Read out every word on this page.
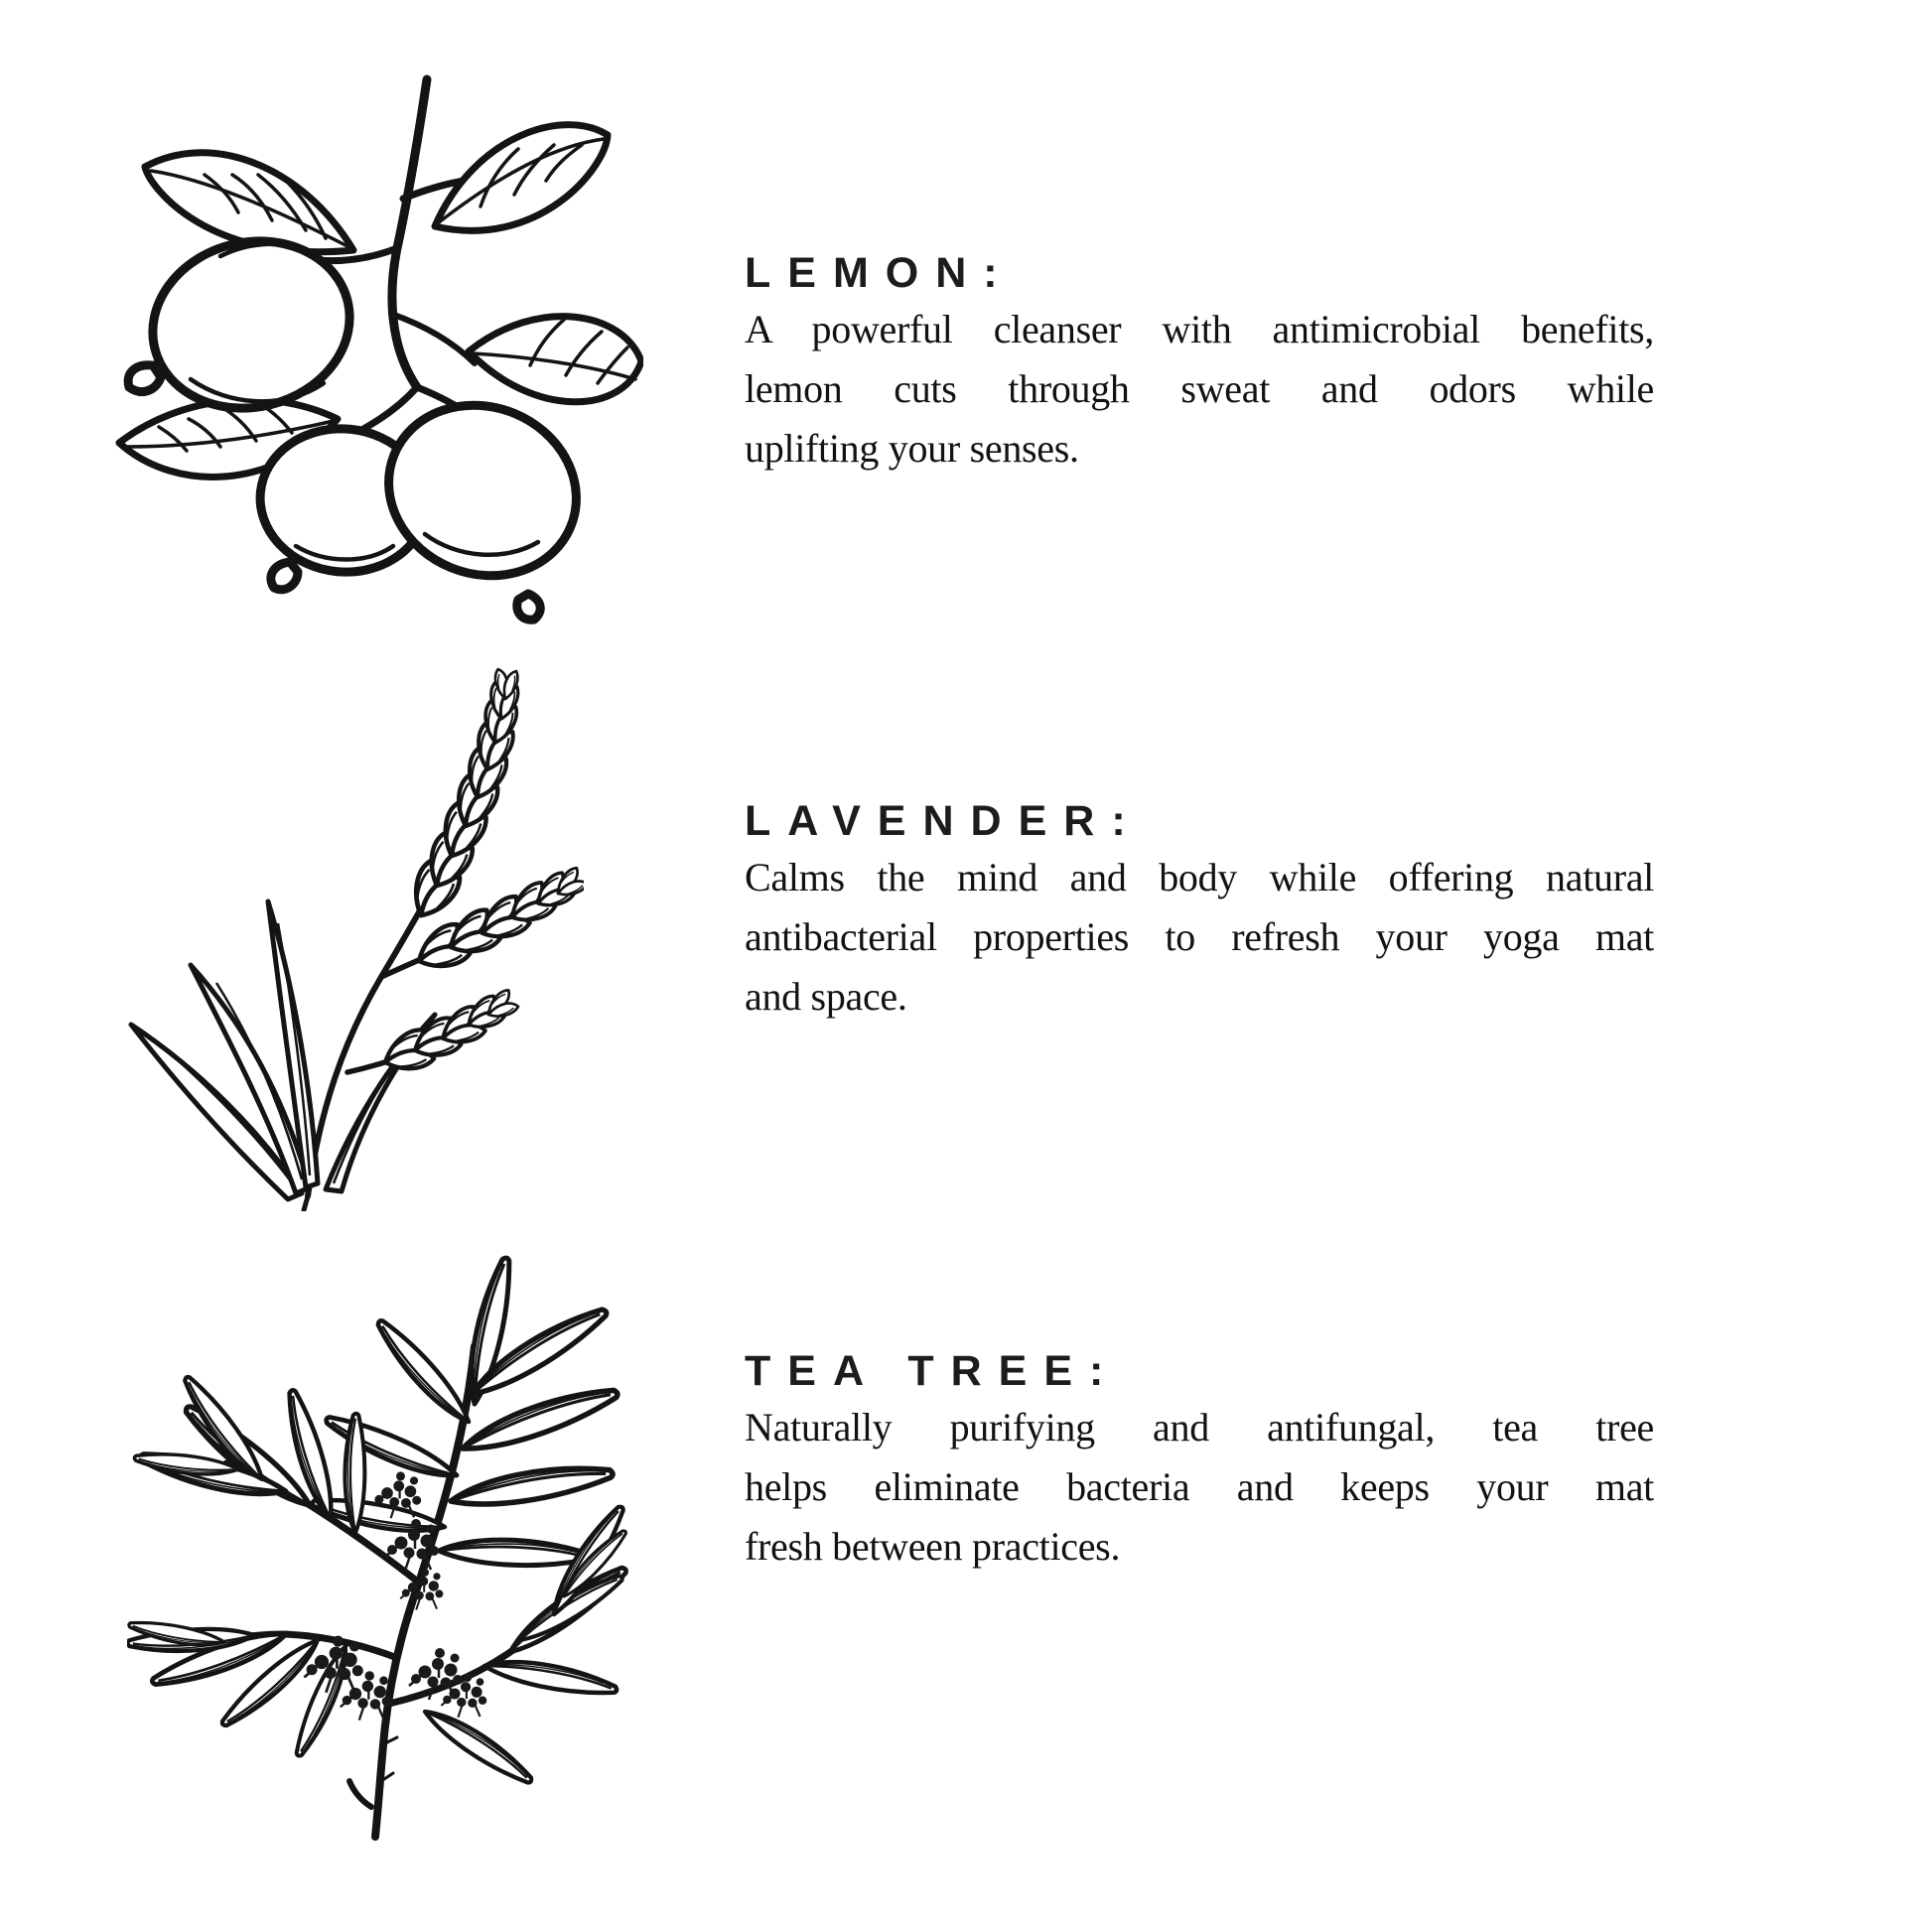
LEMON:
A powerful cleanser with antimicrobial benefits,
lemon cuts through sweat and odors while
uplifting your senses.
LAVENDER:
Calms the mind and body while offering natural
antibacterial properties to refresh your yoga mat
and space.
TEA TREE:
Naturally purifying and antifungal, tea tree
helps eliminate bacteria and keeps your mat
fresh between practices.
